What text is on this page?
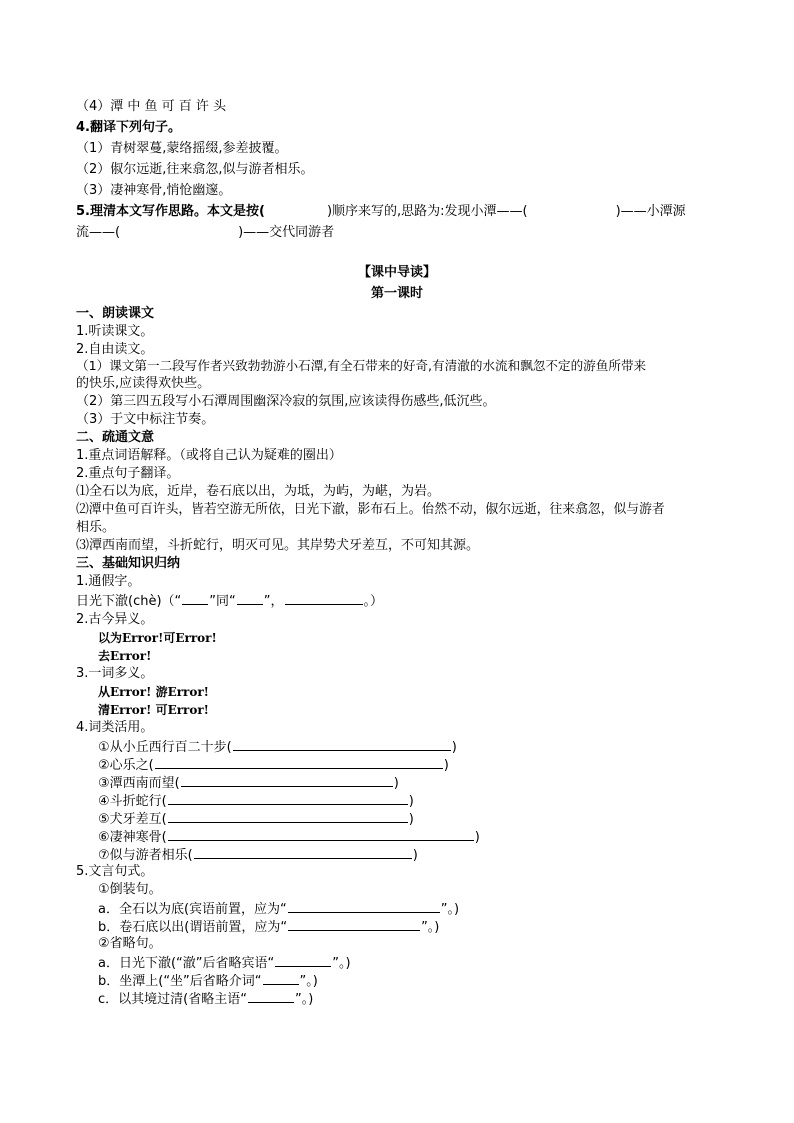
（4）潭 中 鱼 可 百 许 头
4.翻译下列句子。
（1）青树翠蔓,蒙络摇缀,参差披覆。
（2）俶尔远逝,往来翕忽,似与游者相乐。
（3）凄神寒骨,悄怆幽邃。
5.理清本文写作思路。本文是按(	)顺序来写的,思路为:发现小潭——(	)——小潭源
流——(	)——交代同游者
【课中导读】
第一课时
一、朗读课文
1.听读课文。
2.自由读文。
（1）课文第一二段写作者兴致勃勃游小石潭,有全石带来的好奇,有清澈的水流和飘忽不定的游鱼所带来
的快乐,应读得欢快些。
（2）第三四五段写小石潭周围幽深冷寂的氛围,应该读得伤感些,低沉些。
（3）于文中标注节奏。
二、疏通文意
1.重点词语解释。（或将自己认为疑难的圈出）
2.重点句子翻译。
⑴全石以为底，近岸，卷石底以出，为坻，为屿，为嵁，为岩。
⑵潭中鱼可百许头，皆若空游无所依，日光下澈，影布石上。佁然不动，俶尔远逝，往来翕忽，似与游者
相乐。
⑶潭西南而望，斗折蛇行，明灭可见。其岸势犬牙差互，不可知其源。
三、基础知识归纳
1.通假字。
日光下澈(chè)（“ ”同“ ”，	。）
2.古今异义。
以为Error!可Error!
去Error!
3.一词多义。
从Error! 游Error!
清Error! 可Error!
4.词类活用。
①从小丘西行百二十步(	)
②心乐之(	)
③潭西南而望(	)
④斗折蛇行(	)
⑤犬牙差互(	)
⑥凄神寒骨(	)
⑦似与游者相乐(	)
5.文言句式。
①倒装句。
a．全石以为底(宾语前置，应为“	”。)
b．卷石底以出(谓语前置，应为“	”。)
②省略句。
a．日光下澈(“澈”后省略宾语“	”。)
b．坐潭上(“坐”后省略介词“	”。)
c．以其境过清(省略主语“	”。)
